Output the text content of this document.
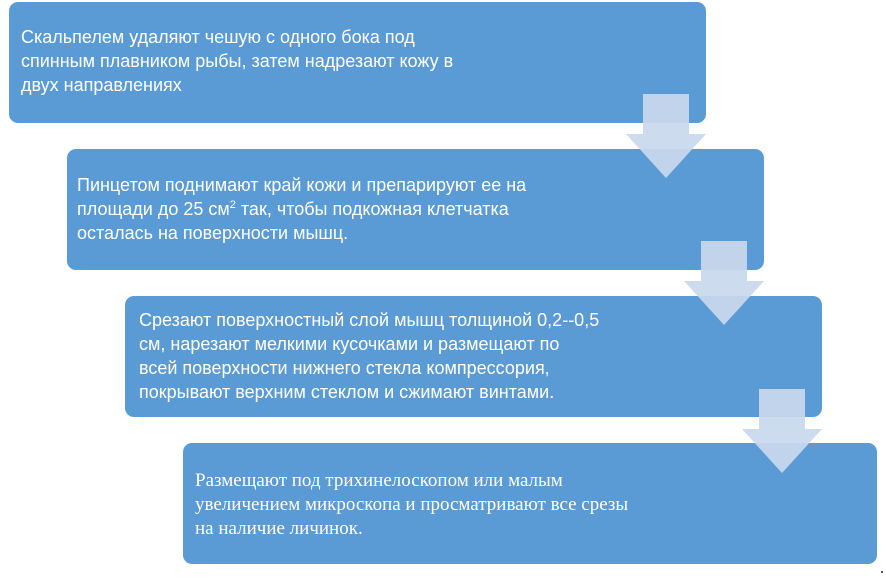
Скальпелем удаляют чешую с одного бока под
спинным плавником рыбы, затем надрезают кожу в
двух направлениях
Пинцетом поднимают край кожи и препарируют ее на
площади до 25 $см^2$ так, чтобы подкожная клетчатка
осталась на поверхности мышц.
Срезают поверхностный слой мышц толщиной 0,2--0,5
см, нарезают мелкими кусочками и размещают по
всей поверхности нижнего стекла компрессория,
покрывают верхним стеклом и сжимают винтами.
Размещают под трихинелоскопом или малым
увеличением микроскопа и просматривают все срезы
на наличие личинок.
